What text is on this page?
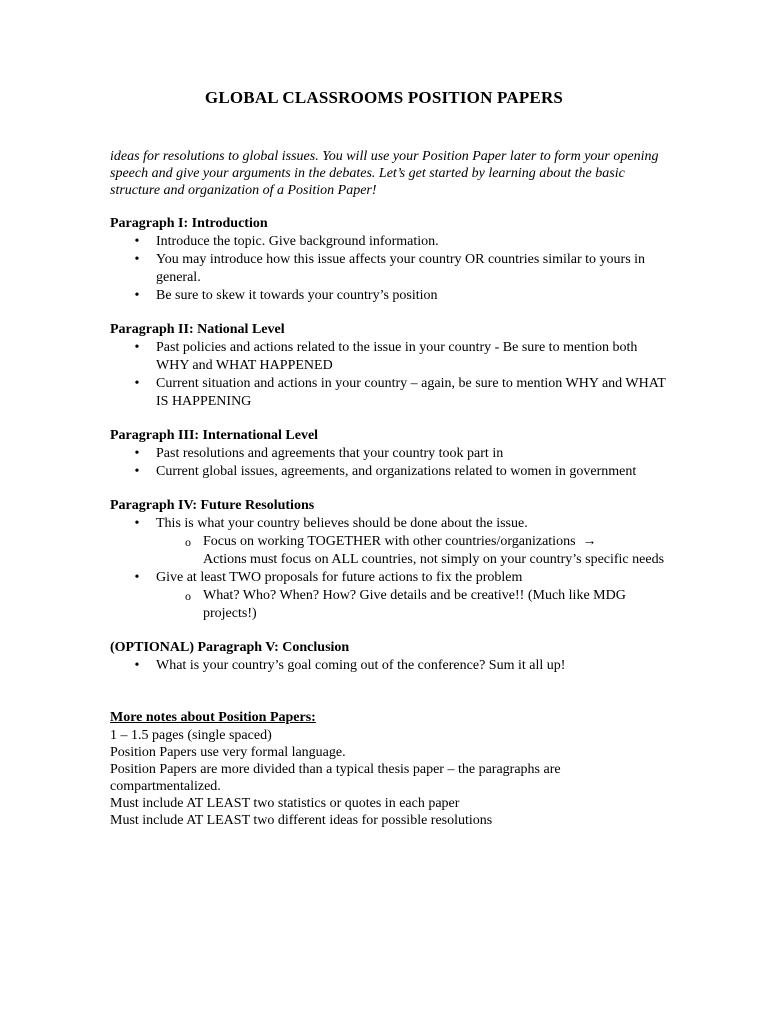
GLOBAL CLASSROOMS POSITION PAPERS
ideas for resolutions to global issues. You will use your Position Paper later to form your opening speech and give your arguments in the debates. Let’s get started by learning about the basic structure and organization of a Position Paper!
Paragraph I: Introduction
• Introduce the topic. Give background information.
• You may introduce how this issue affects your country OR countries similar to yours in general.
• Be sure to skew it towards your country’s position
Paragraph II: National Level
• Past policies and actions related to the issue in your country - Be sure to mention both WHY and WHAT HAPPENED
• Current situation and actions in your country – again, be sure to mention WHY and WHAT IS HAPPENING
Paragraph III: International Level
• Past resolutions and agreements that your country took part in
• Current global issues, agreements, and organizations related to women in government
Paragraph IV: Future Resolutions
• This is what your country believes should be done about the issue.
o Focus on working TOGETHER with other countries/organizations →
Actions must focus on ALL countries, not simply on your country’s specific needs
• Give at least TWO proposals for future actions to fix the problem
o What? Who? When? How? Give details and be creative!! (Much like MDG projects!)
(OPTIONAL) Paragraph V: Conclusion
• What is your country’s goal coming out of the conference? Sum it all up!
More notes about Position Papers:

1 – 1.5 pages (single spaced)

Position Papers use very formal language.

Position Papers are more divided than a typical thesis paper – the paragraphs are compartmentalized.

Must include AT LEAST two statistics or quotes in each paper

Must include AT LEAST two different ideas for possible resolutions
